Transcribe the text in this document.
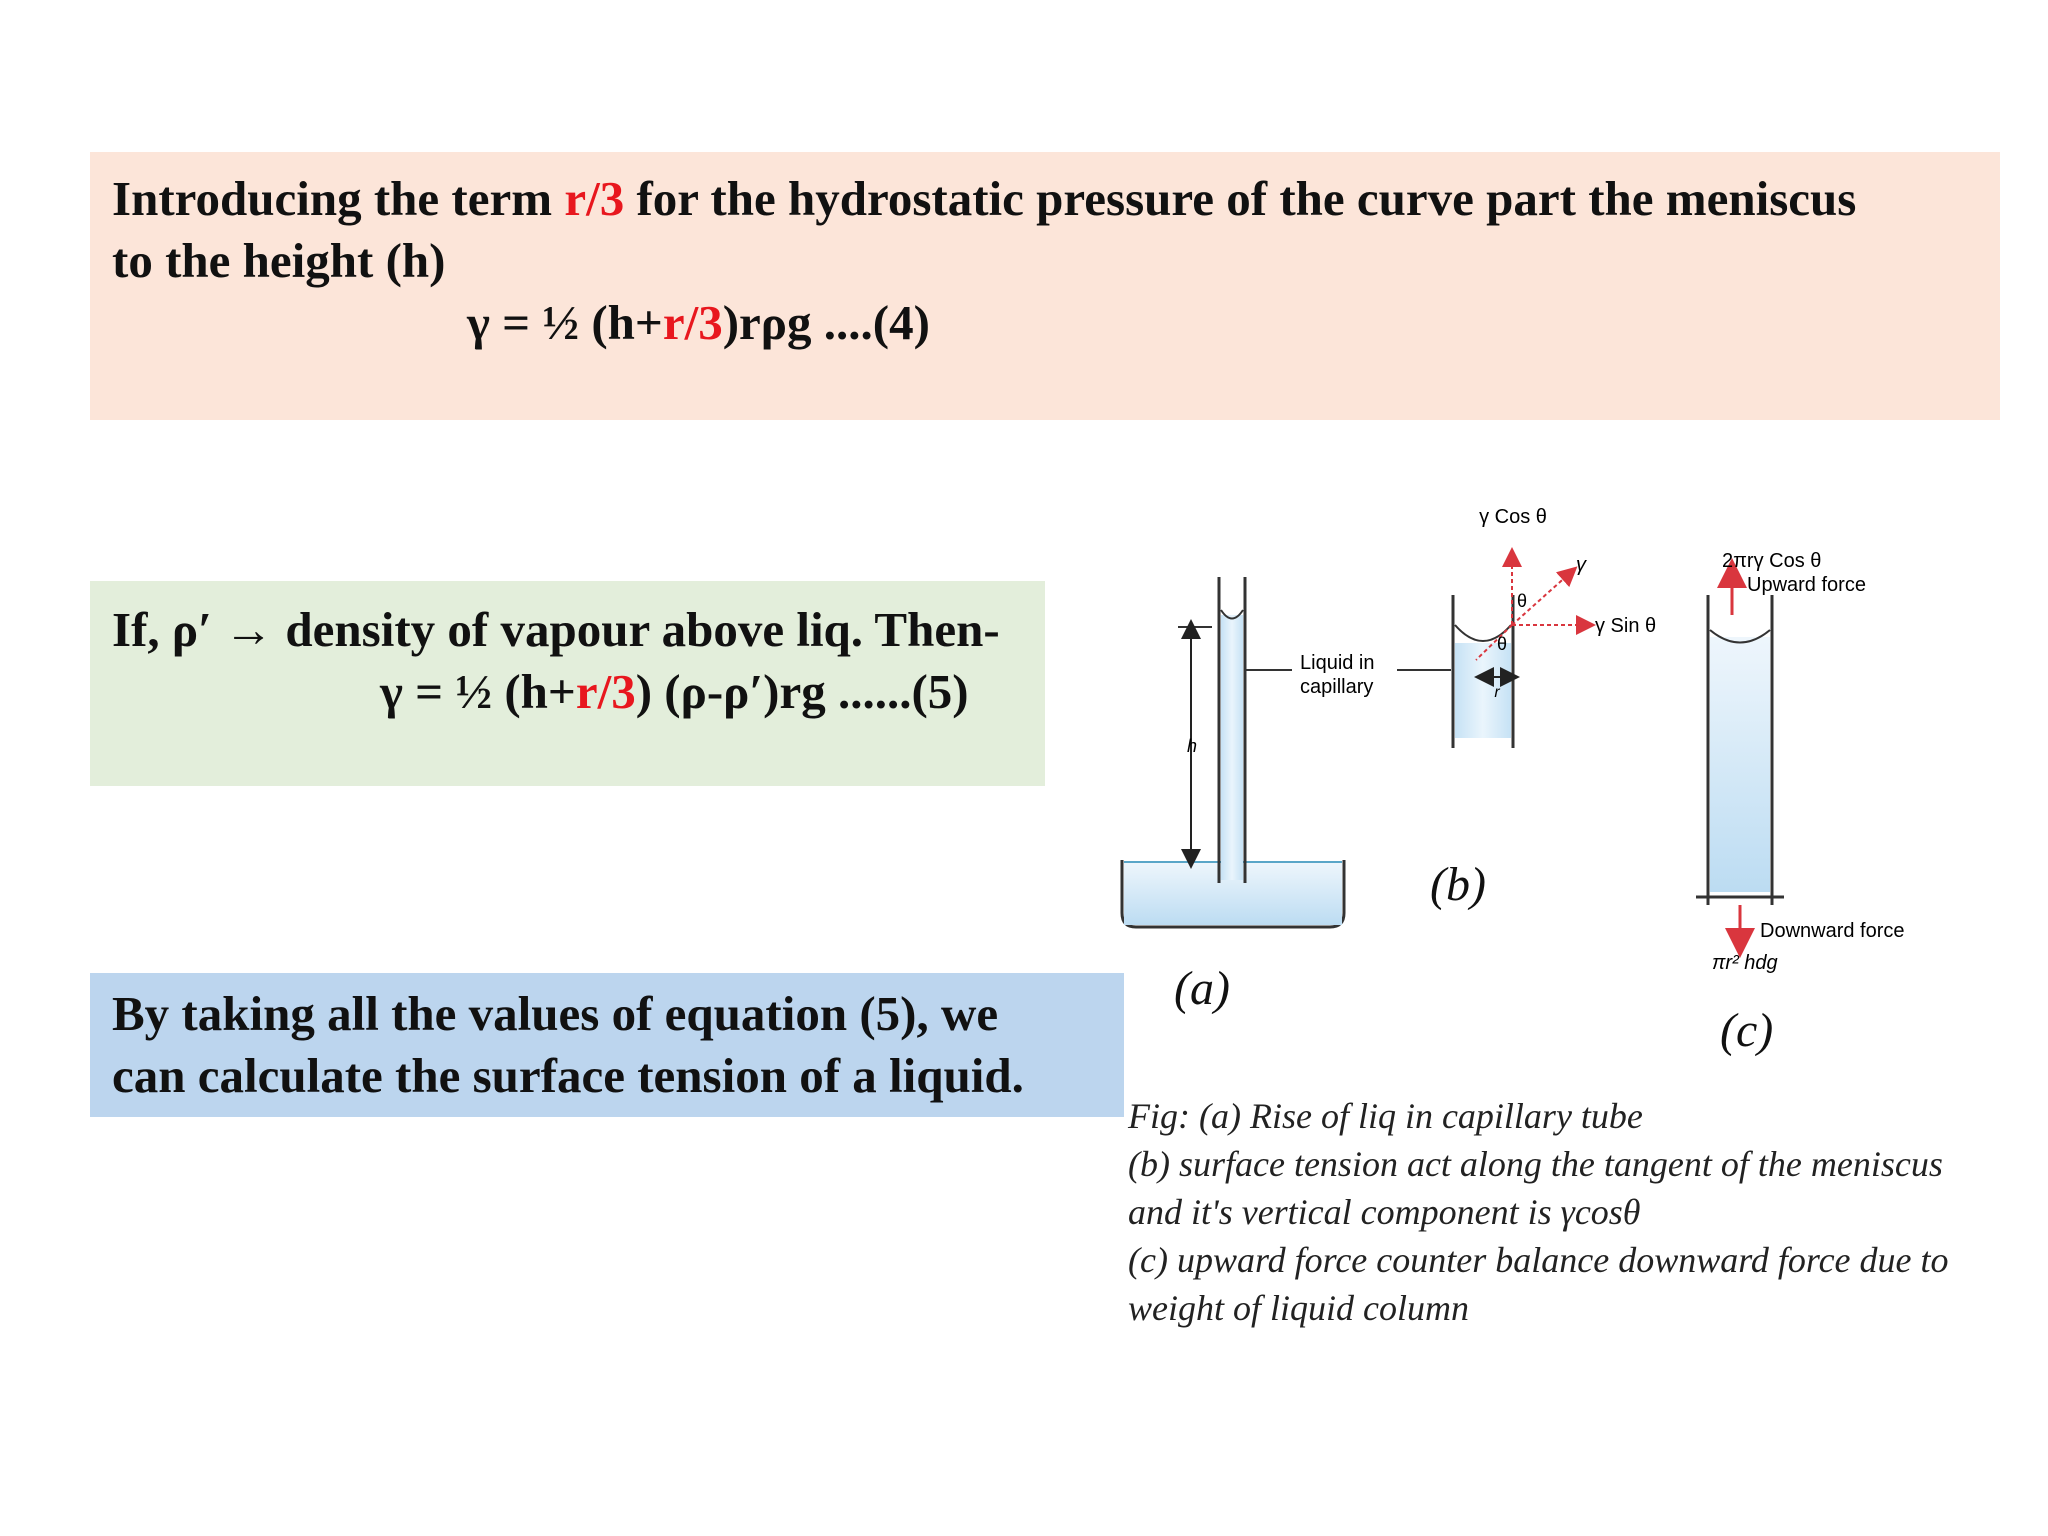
Introducing the term r/3 for the hydrostatic pressure of the curve part the meniscus

to the height (h)

γ = ½ (h+r/3)rρg ....(4)

If, ρ′ → density of vapour above liq. Then-

γ = ½ (h+r/3) (ρ-ρ′)rg ......(5)

By taking all the values of equation (5), we

can calculate the surface tension of a liquid.

h
Liquid in
capillary
γ Cos θ
γ
γ Sin θ
θ
θ
r
2πrγ Cos θ
Upward force
Downward force
πr² hdg
(a)
(b)
(c)
Fig: (a) Rise of liq in capillary tube
(b) surface tension act along the tangent of the meniscus
and it's vertical component is γcosθ
(c) upward force counter balance downward force due to
weight of liquid column
